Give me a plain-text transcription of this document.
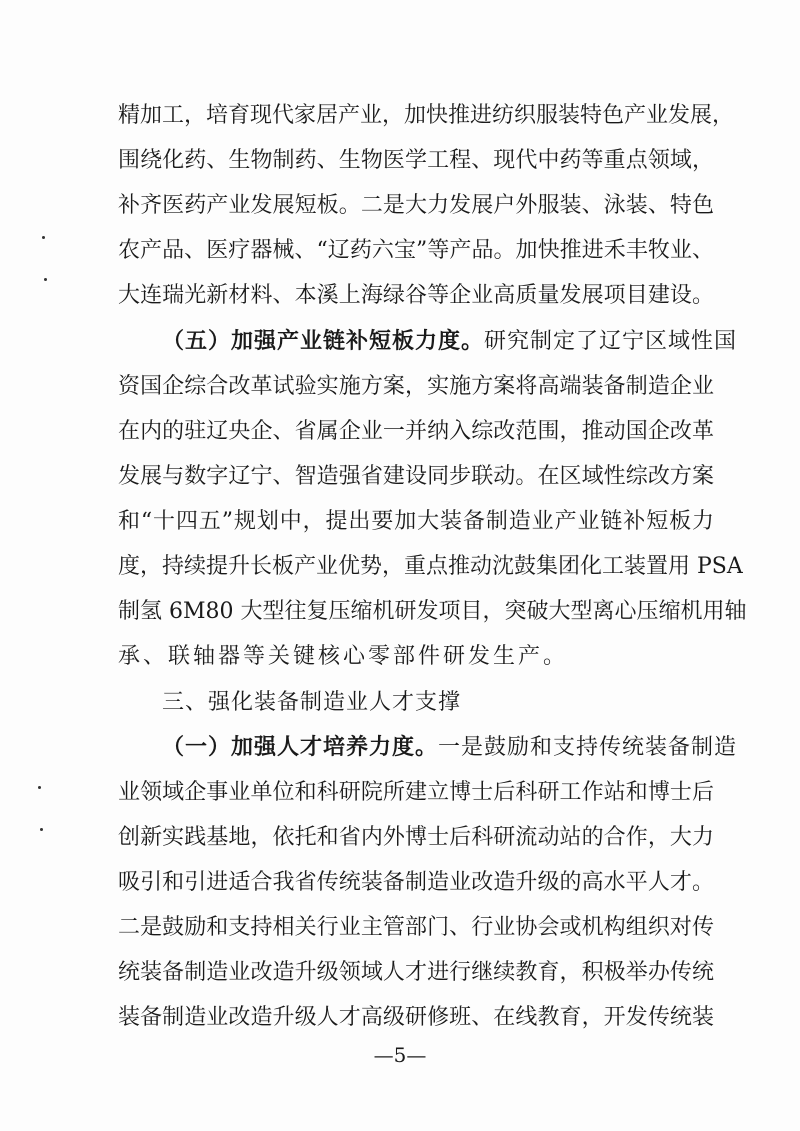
精加工，培育现代家居产业，加快推进纺织服装特色产业发展，
围绕化药、生物制药、生物医学工程、现代中药等重点领域，
补齐医药产业发展短板。二是大力发展户外服装、泳装、特色
农产品、医疗器械、“辽药六宝”等产品。加快推进禾丰牧业、
大连瑞光新材料、本溪上海绿谷等企业高质量发展项目建设。
（五）加强产业链补短板力度。研究制定了辽宁区域性国
资国企综合改革试验实施方案，实施方案将高端装备制造企业
在内的驻辽央企、省属企业一并纳入综改范围，推动国企改革
发展与数字辽宁、智造强省建设同步联动。在区域性综改方案
和“十四五”规划中，提出要加大装备制造业产业链补短板力
度，持续提升长板产业优势，重点推动沈鼓集团化工装置用 PSA
制氢 6M80 大型往复压缩机研发项目，突破大型离心压缩机用轴
承、联轴器等关键核心零部件研发生产。
三、强化装备制造业人才支撑
（一）加强人才培养力度。一是鼓励和支持传统装备制造
业领域企事业单位和科研院所建立博士后科研工作站和博士后
创新实践基地，依托和省内外博士后科研流动站的合作，大力
吸引和引进适合我省传统装备制造业改造升级的高水平人才。
二是鼓励和支持相关行业主管部门、行业协会或机构组织对传
统装备制造业改造升级领域人才进行继续教育，积极举办传统
装备制造业改造升级人才高级研修班、在线教育，开发传统装
—5—
